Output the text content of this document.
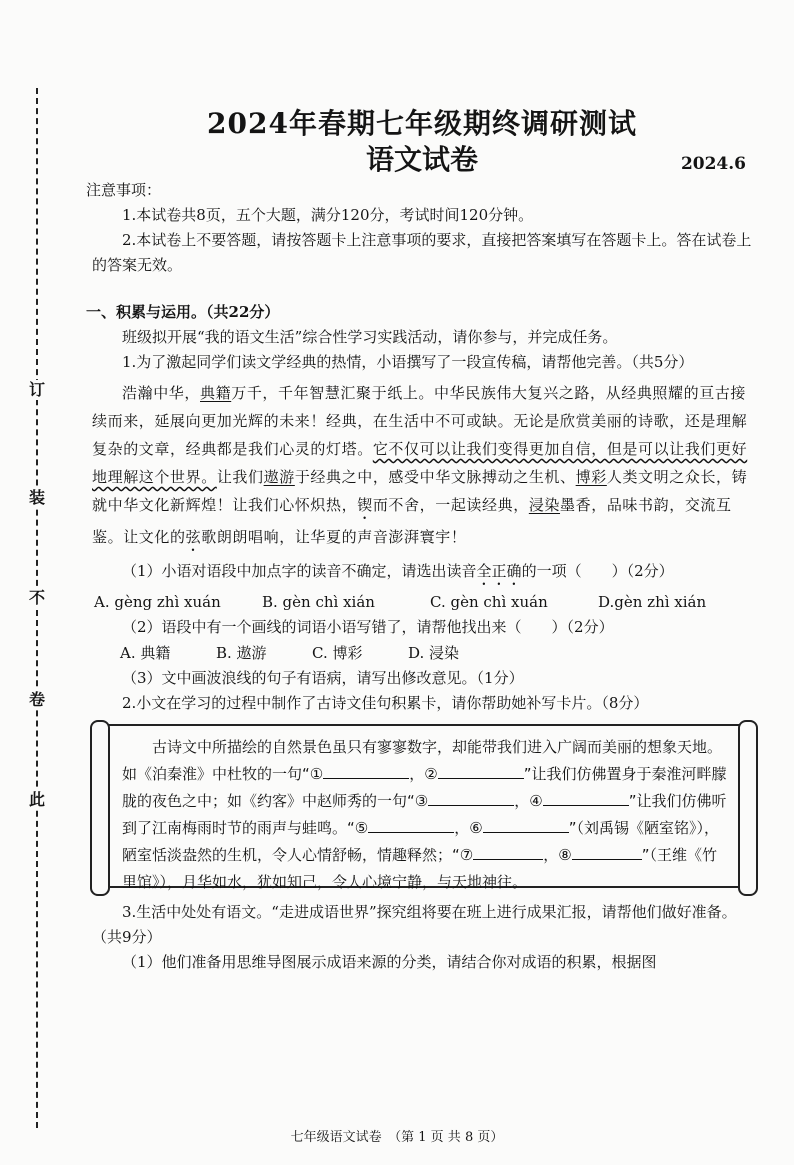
订
装
不
卷
此
2024年春期七年级期终调研测试
语文试卷	2024.6

注意事项：

1.本试卷共8页，五个大题，满分120分，考试时间120分钟。

2.本试卷上不要答题，请按答题卡上注意事项的要求，直接把答案填写在答题卡上。答在试卷上的答案无效。

一、积累与运用。（共22分）

班级拟开展“我的语文生活”综合性学习实践活动，请你参与，并完成任务。

1.为了激起同学们读文学经典的热情，小语撰写了一段宣传稿，请帮他完善。（共5分）

浩瀚中华，典籍万千，千年智慧汇聚于纸上。中华民族伟大复兴之路，从经典照耀的亘古接续而来，延展向更加光辉的未来！经典，在生活中不可或缺。无论是欣赏美丽的诗歌，还是理解复杂的文章，经典都是我们心灵的灯塔。它不仅可以让我们变得更加自信，但是可以让我们更好地理解这个世界。让我们遨游于经典之中，感受中华文脉搏动之生机、博彩人类文明之众长，铸就中华文化新辉煌！让我们心怀炽热，锲而不舍，一起读经典，浸染墨香，品味书韵，交流互鉴。让文化的弦歌朗朗唱响，让华夏的声音澎湃寰宇！

（1）小语对语段中加点字的读音不确定，请选出读音全正确的一项（　　）（2分）

A. gèng zhì xuán	B. gèn chì xián	C. gèn chì xuán	D.gèn zhì xián

（2）语段中有一个画线的词语小语写错了，请帮他找出来（　　）（2分）

A. 典籍	B. 遨游	C. 博彩	D. 浸染

（3）文中画波浪线的句子有语病，请写出修改意见。（1分）

2.小文在学习的过程中制作了古诗文佳句积累卡，请你帮助她补写卡片。（8分）

古诗文中所描绘的自然景色虽只有寥寥数字，却能带我们进入广阔而美丽的想象天地。如《泊秦淮》中杜牧的一句“①	，②	”让我们仿佛置身于秦淮河畔朦胧的夜色之中；如《约客》中赵师秀的一句“③	，④	”让我们仿佛听到了江南梅雨时节的雨声与蛙鸣。“⑤	，⑥	”（刘禹锡《陋室铭》），陋室恬淡盎然的生机，令人心情舒畅，情趣释然；“⑦	，⑧	”（王维《竹里馆》），月华如水，犹如知己，令人心境宁静，与天地神往。

3.生活中处处有语文。“走进成语世界”探究组将要在班上进行成果汇报，请帮他们做好准备。（共9分）

（1）他们准备用思维导图展示成语来源的分类，请结合你对成语的积累，根据图

七年级语文试卷　（第 1 页 共 8 页）
